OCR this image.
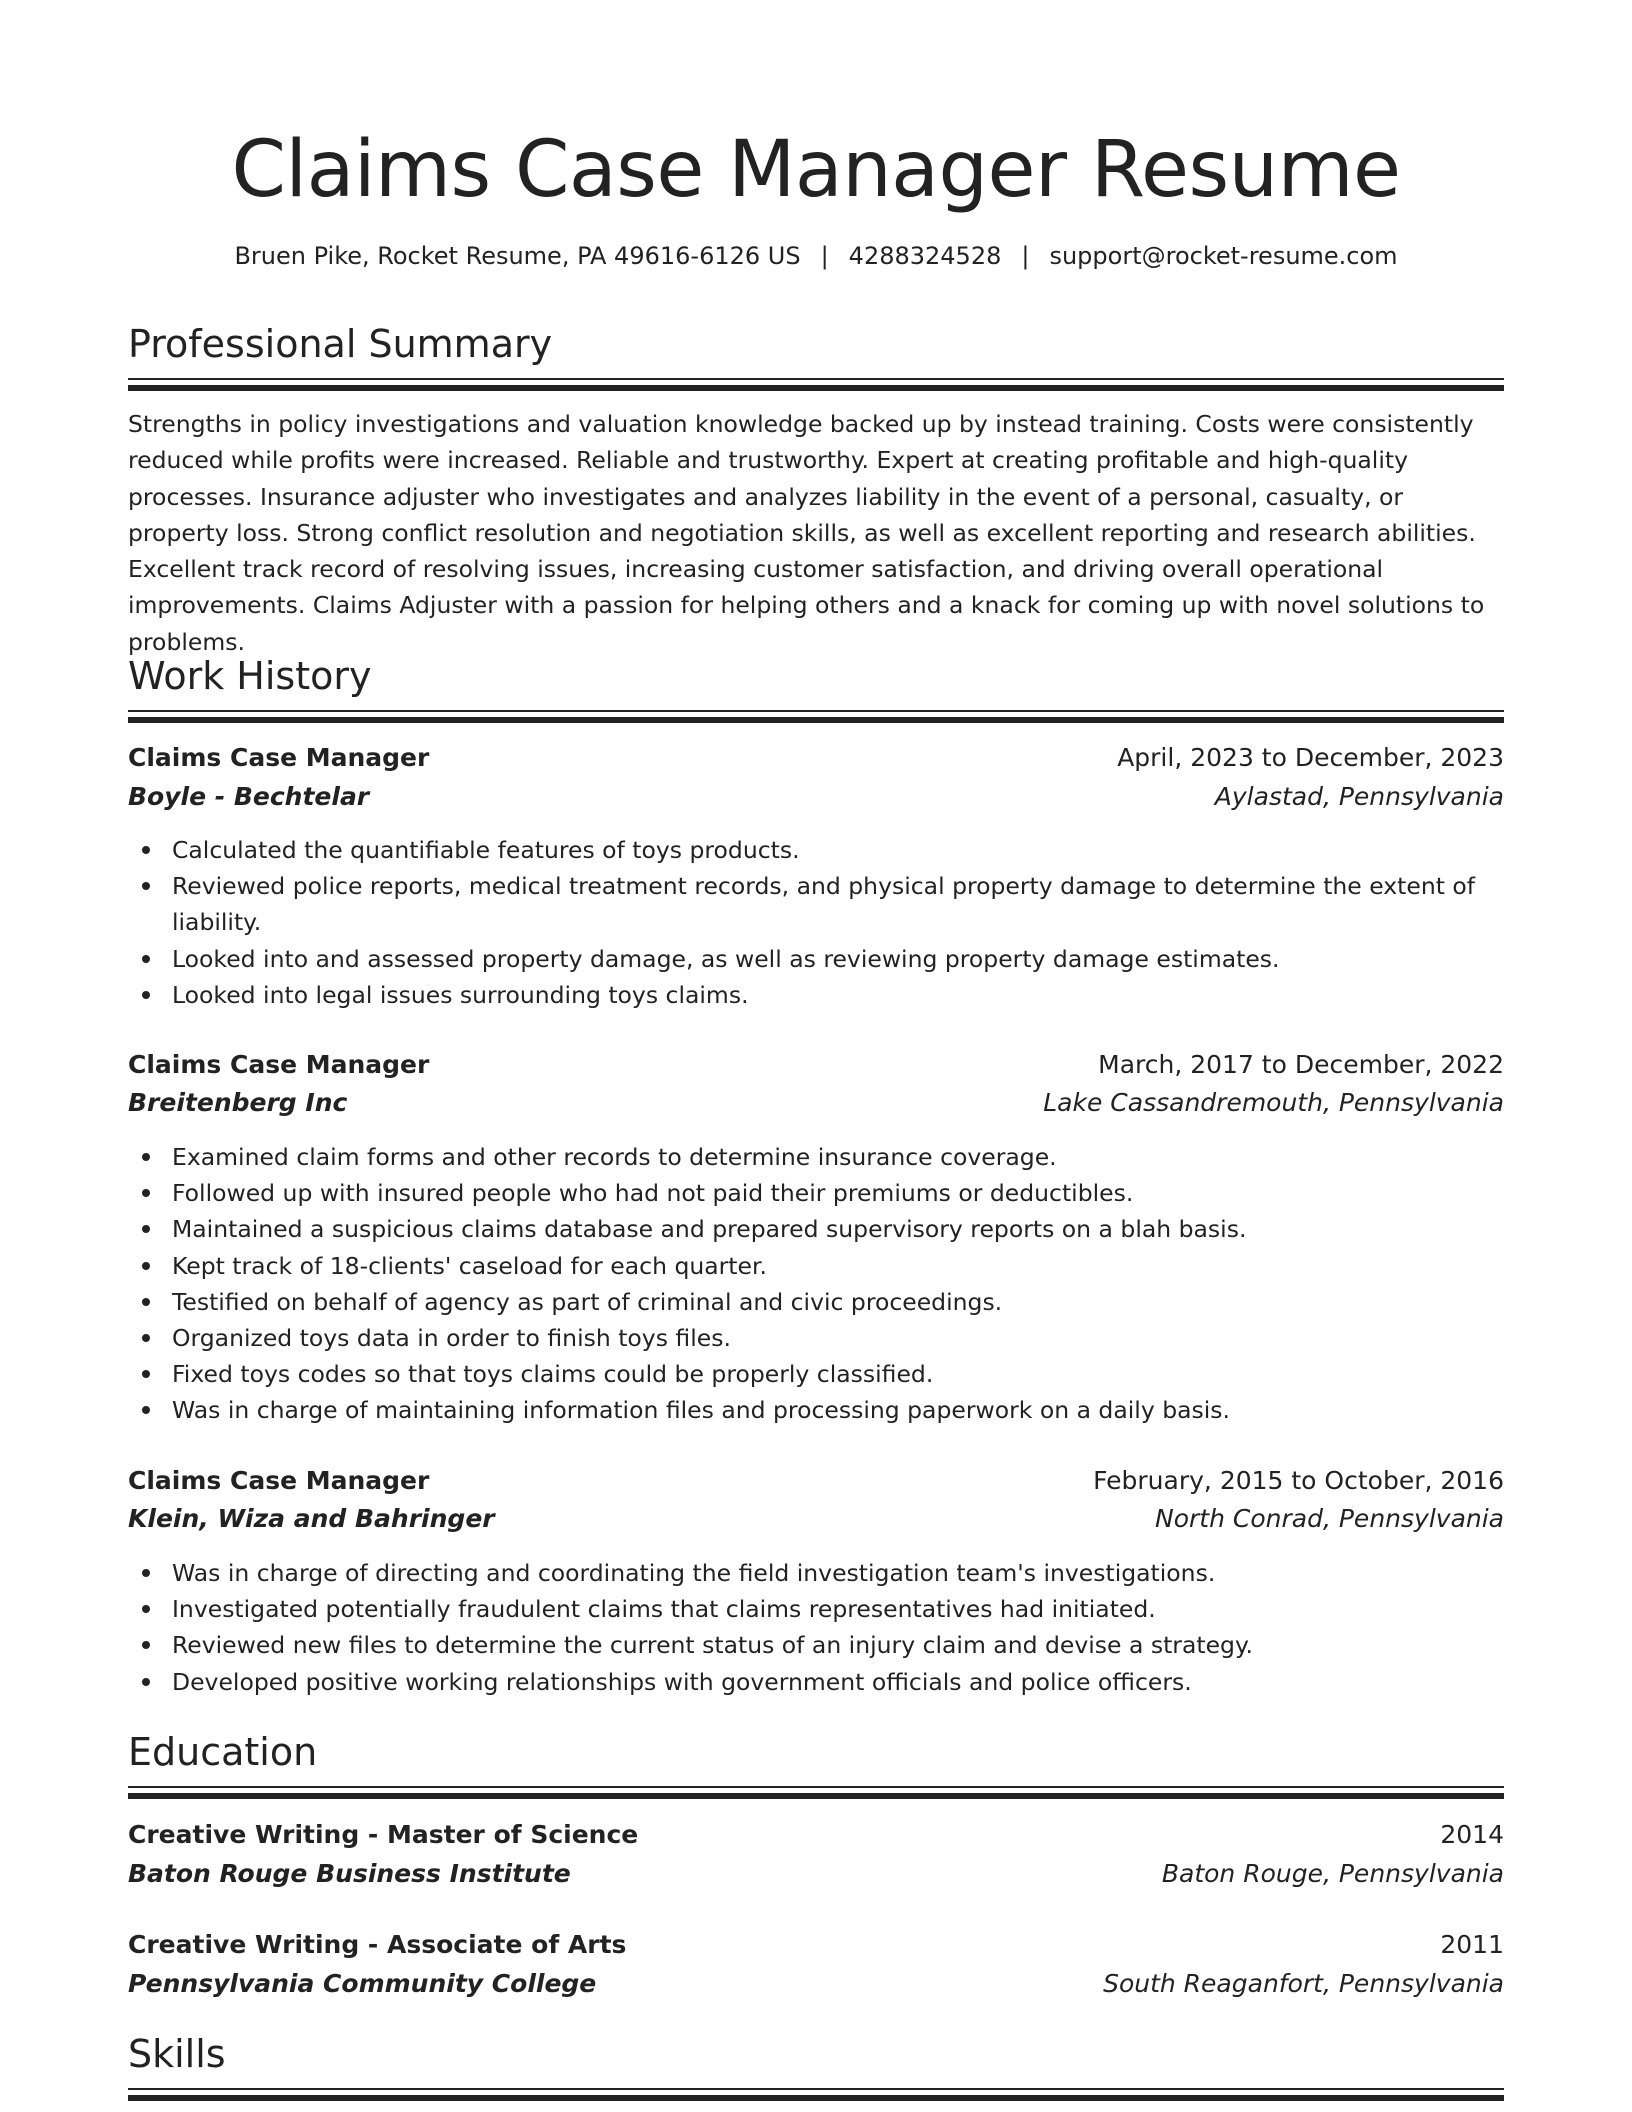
Claims Case Manager Resume
Bruen Pike, Rocket Resume, PA 49616-6126 US | 4288324528 | support@rocket-resume.com
Professional Summary
Strengths in policy investigations and valuation knowledge backed up by instead training. Costs were consistently reduced while profits were increased. Reliable and trustworthy. Expert at creating profitable and high-quality processes. Insurance adjuster who investigates and analyzes liability in the event of a personal, casualty, or property loss. Strong conflict resolution and negotiation skills, as well as excellent reporting and research abilities. Excellent track record of resolving issues, increasing customer satisfaction, and driving overall operational improvements. Claims Adjuster with a passion for helping others and a knack for coming up with novel solutions to problems.
Work History
Claims Case Manager	April, 2023 to December, 2023
Boyle - Bechtelar	Aylastad, Pennsylvania
Calculated the quantifiable features of toys products.
Reviewed police reports, medical treatment records, and physical property damage to determine the extent of liability.
Looked into and assessed property damage, as well as reviewing property damage estimates.
Looked into legal issues surrounding toys claims.
Claims Case Manager	March, 2017 to December, 2022
Breitenberg Inc	Lake Cassandremouth, Pennsylvania
Examined claim forms and other records to determine insurance coverage.
Followed up with insured people who had not paid their premiums or deductibles.
Maintained a suspicious claims database and prepared supervisory reports on a blah basis.
Kept track of 18-clients' caseload for each quarter.
Testified on behalf of agency as part of criminal and civic proceedings.
Organized toys data in order to finish toys files.
Fixed toys codes so that toys claims could be properly classified.
Was in charge of maintaining information files and processing paperwork on a daily basis.
Claims Case Manager	February, 2015 to October, 2016
Klein, Wiza and Bahringer	North Conrad, Pennsylvania
Was in charge of directing and coordinating the field investigation team's investigations.
Investigated potentially fraudulent claims that claims representatives had initiated.
Reviewed new files to determine the current status of an injury claim and devise a strategy.
Developed positive working relationships with government officials and police officers.
Education
Creative Writing - Master of Science	2014
Baton Rouge Business Institute	Baton Rouge, Pennsylvania
Creative Writing - Associate of Arts	2011
Pennsylvania Community College	South Reaganfort, Pennsylvania
Skills
